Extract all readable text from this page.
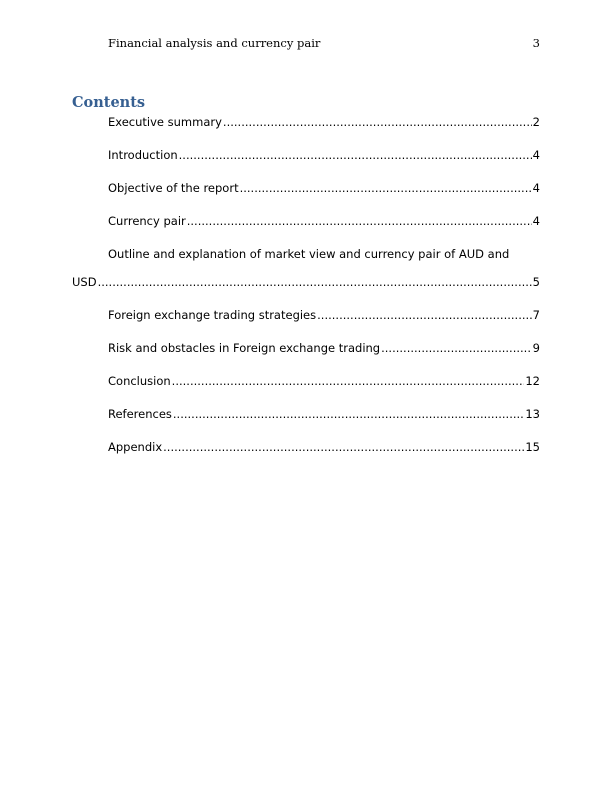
Financial analysis and currency pair	3
Contents
Executive summary .....	2
Introduction .....	4
Objective of the report .....	4
Currency pair .....	4
Outline and explanation of market view and currency pair of AUD and
USD .....	5
Foreign exchange trading strategies .....	7
Risk and obstacles in Foreign exchange trading .....	9
Conclusion .....	12
References .....	13
Appendix .....	15
